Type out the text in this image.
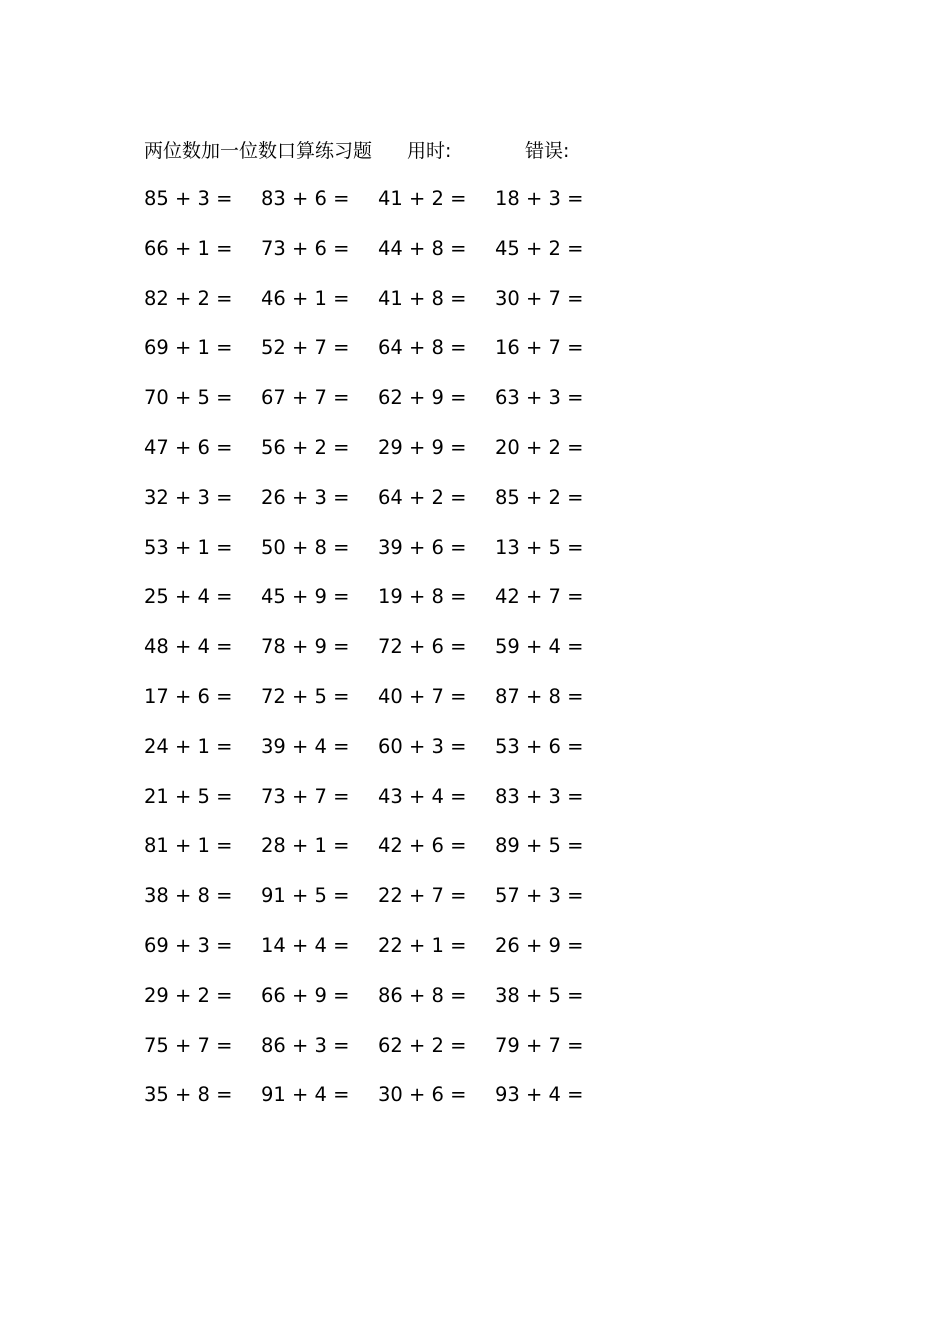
两位数加一位数口算练习题 用时:	错误:
85 + 3 = 83 + 6 = 41 + 2 = 18 + 3 =
66 + 1 = 73 + 6 = 44 + 8 = 45 + 2 =
82 + 2 = 46 + 1 = 41 + 8 = 30 + 7 =
69 + 1 = 52 + 7 = 64 + 8 = 16 + 7 =
70 + 5 = 67 + 7 = 62 + 9 = 63 + 3 =
47 + 6 = 56 + 2 = 29 + 9 = 20 + 2 =
32 + 3 = 26 + 3 = 64 + 2 = 85 + 2 =
53 + 1 = 50 + 8 = 39 + 6 = 13 + 5 =
25 + 4 = 45 + 9 = 19 + 8 = 42 + 7 =
48 + 4 = 78 + 9 = 72 + 6 = 59 + 4 =
17 + 6 = 72 + 5 = 40 + 7 = 87 + 8 =
24 + 1 = 39 + 4 = 60 + 3 = 53 + 6 =
21 + 5 = 73 + 7 = 43 + 4 = 83 + 3 =
81 + 1 = 28 + 1 = 42 + 6 = 89 + 5 =
38 + 8 = 91 + 5 = 22 + 7 = 57 + 3 =
69 + 3 = 14 + 4 = 22 + 1 = 26 + 9 =
29 + 2 = 66 + 9 = 86 + 8 = 38 + 5 =
75 + 7 = 86 + 3 = 62 + 2 = 79 + 7 =
35 + 8 = 91 + 4 = 30 + 6 = 93 + 4 =
